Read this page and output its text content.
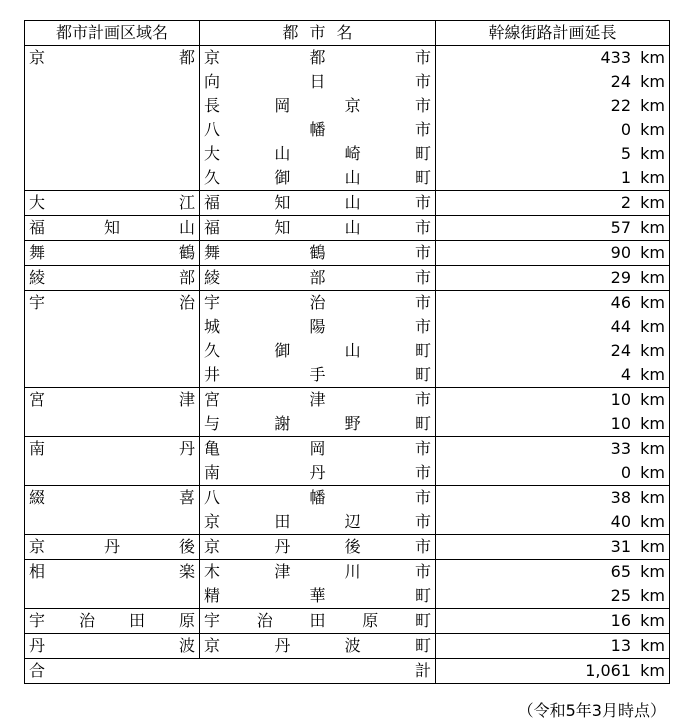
都市計画区域名	都 市 名	幹線街路計画延長

京 都	京 都 市	433 km

	向 日 市	24 km

	長 岡 京 市	22 km

	八 幡 市	0 km

	大 山 崎 町	5 km

	久 御 山 町	1 km

大 江	福 知 山 市	2 km

福 知 山	福 知 山 市	57 km

舞 鶴	舞 鶴 市	90 km

綾 部	綾 部 市	29 km

宇 治	宇 治 市	46 km

	城 陽 市	44 km

	久 御 山 町	24 km

	井 手 町	4 km

宮 津	宮 津 市	10 km

	与 謝 野 町	10 km

南 丹	亀 岡 市	33 km

	南 丹 市	0 km

綴 喜	八 幡 市	38 km

	京 田 辺 市	40 km

京 丹 後	京 丹 後 市	31 km

相 楽	木 津 川 市	65 km

	精 華 町	25 km

宇 治 田 原	宇 治 田 原 町	16 km

丹 波	京 丹 波 町	13 km

合 計		1,061 km
（令和5年3月時点）
